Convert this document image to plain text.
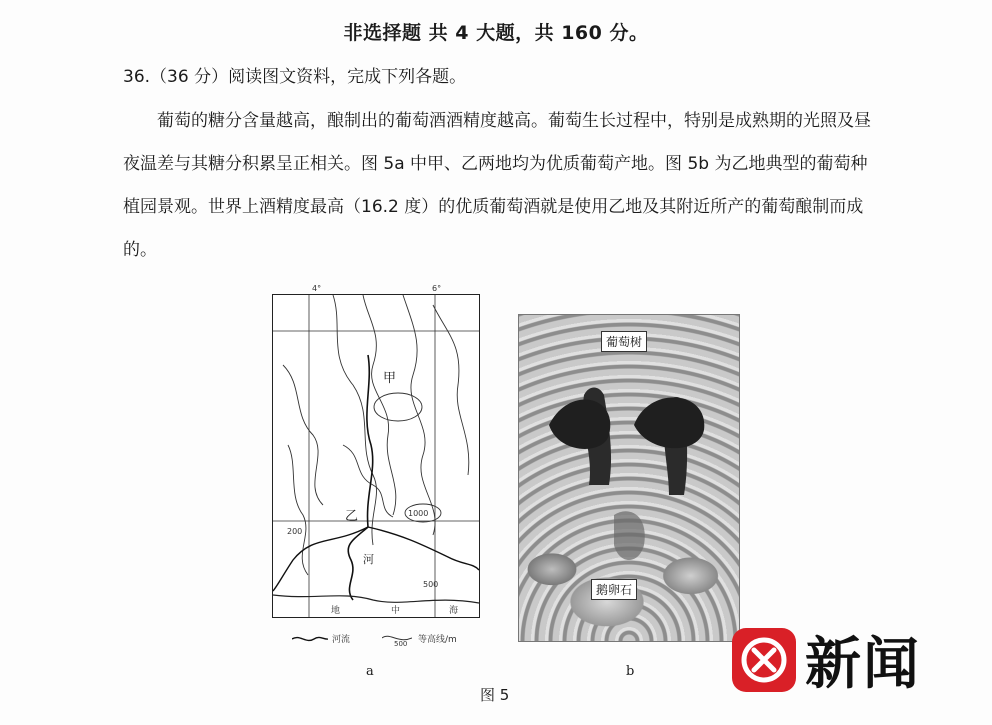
非选择题 共 4 大题，共 160 分。
36.（36 分）阅读图文资料，完成下列各题。
葡萄的糖分含量越高，酿制出的葡萄酒酒精度越高。葡萄生长过程中，特别是成熟期的光照及昼夜温差与其糖分积累呈正相关。图 5a 中甲、乙两地均为优质葡萄产地。图 5b 为乙地典型的葡萄种植园景观。世界上酒精度最高（16.2 度）的优质葡萄酒就是使用乙地及其附近所产的葡萄酿制而成的。
4°	6°
甲
乙
河
1000
200
500
地	中	海
河流	500 等高线/m
葡萄树
鹅卵石
a	b
图 5	新闻
